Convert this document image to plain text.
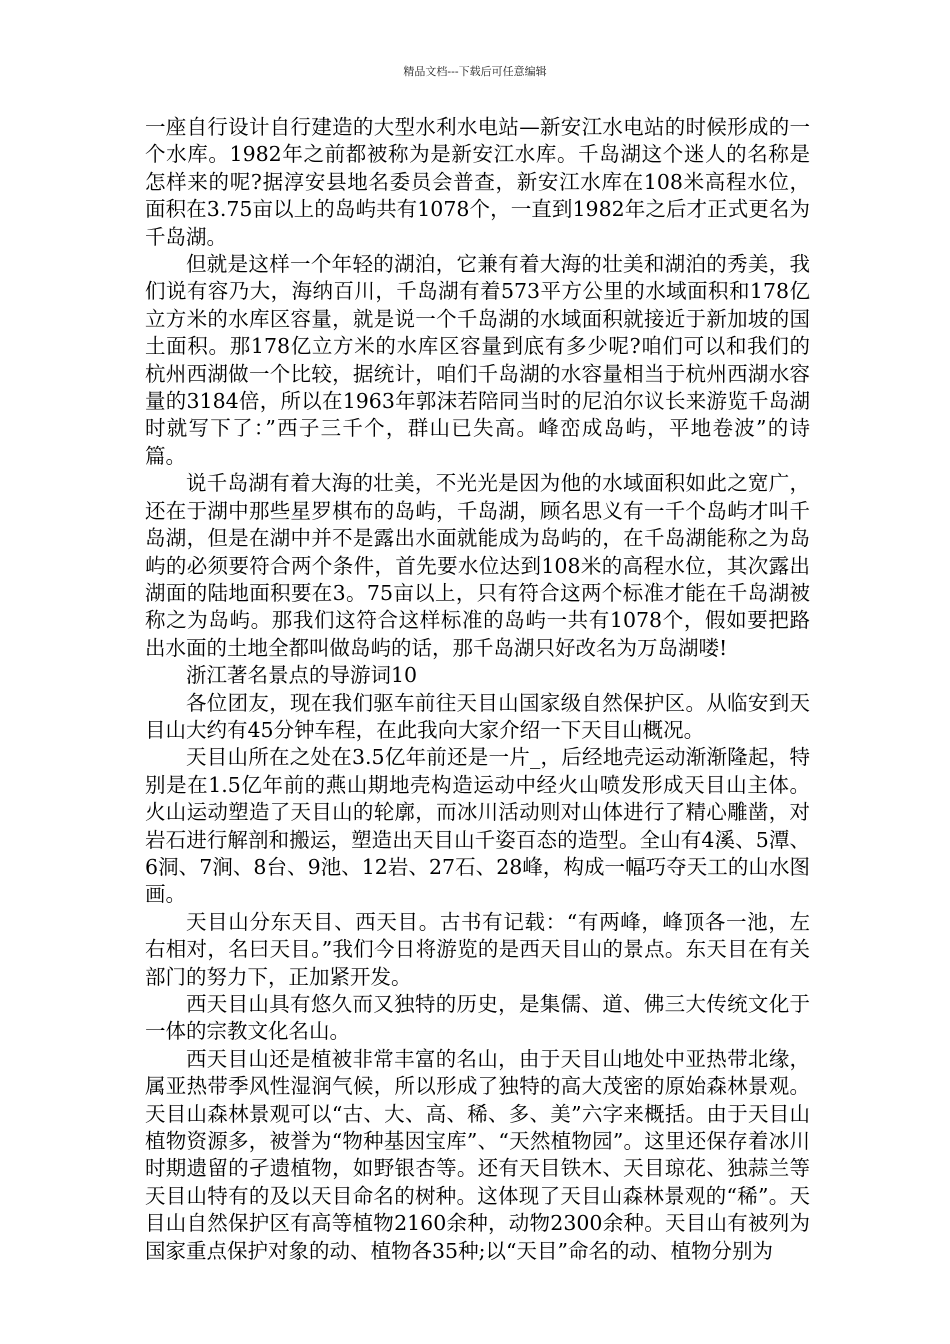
精品文档---下载后可任意编辑

一座自行设计自行建造的大型水利水电站—新安江水电站的时候形成的一个水库。1982年之前都被称为是新安江水库。千岛湖这个迷人的名称是怎样来的呢?据淳安县地名委员会普查，新安江水库在108米高程水位，面积在3.75亩以上的岛屿共有1078个，一直到1982年之后才正式更名为千岛湖。

但就是这样一个年轻的湖泊，它兼有着大海的壮美和湖泊的秀美，我们说有容乃大，海纳百川，千岛湖有着573平方公里的水域面积和178亿立方米的水库区容量，就是说一个千岛湖的水域面积就接近于新加坡的国土面积。那178亿立方米的水库区容量到底有多少呢?咱们可以和我们的杭州西湖做一个比较，据统计，咱们千岛湖的水容量相当于杭州西湖水容量的3184倍，所以在1963年郭沫若陪同当时的尼泊尔议长来游览千岛湖时就写下了：”西子三千个，群山已失高。峰峦成岛屿，平地卷波”的诗篇。

说千岛湖有着大海的壮美，不光光是因为他的水域面积如此之宽广，还在于湖中那些星罗棋布的岛屿，千岛湖，顾名思义有一千个岛屿才叫千岛湖，但是在湖中并不是露出水面就能成为岛屿的，在千岛湖能称之为岛屿的必须要符合两个条件，首先要水位达到108米的高程水位，其次露出湖面的陆地面积要在3。75亩以上，只有符合这两个标准才能在千岛湖被称之为岛屿。那我们这符合这样标准的岛屿一共有1078个，假如要把路出水面的土地全都叫做岛屿的话，那千岛湖只好改名为万岛湖喽!

浙江著名景点的导游词10

各位团友，现在我们驱车前往天目山国家级自然保护区。从临安到天目山大约有45分钟车程，在此我向大家介绍一下天目山概况。

天目山所在之处在3.5亿年前还是一片_，后经地壳运动渐渐隆起，特别是在1.5亿年前的燕山期地壳构造运动中经火山喷发形成天目山主体。火山运动塑造了天目山的轮廓，而冰川活动则对山体进行了精心雕凿，对岩石进行解剖和搬运，塑造出天目山千姿百态的造型。全山有4溪、5潭、6洞、7涧、8台、9池、12岩、27石、28峰，构成一幅巧夺天工的山水图画。

天目山分东天目、西天目。古书有记载：“有两峰，峰顶各一池，左右相对，名曰天目。”我们今日将游览的是西天目山的景点。东天目在有关部门的努力下，正加紧开发。

西天目山具有悠久而又独特的历史，是集儒、道、佛三大传统文化于一体的宗教文化名山。

西天目山还是植被非常丰富的名山，由于天目山地处中亚热带北缘，属亚热带季风性湿润气候，所以形成了独特的高大茂密的原始森林景观。天目山森林景观可以“古、大、高、稀、多、美”六字来概括。由于天目山植物资源多，被誉为“物种基因宝库”、“天然植物园”。这里还保存着冰川时期遗留的孑遗植物，如野银杏等。还有天目铁木、天目琼花、独蒜兰等天目山特有的及以天目命名的树种。这体现了天目山森林景观的“稀”。天目山自然保护区有高等植物2160余种，动物2300余种。天目山有被列为国家重点保护对象的动、植物各35种;以“天目”命名的动、植物分别为
